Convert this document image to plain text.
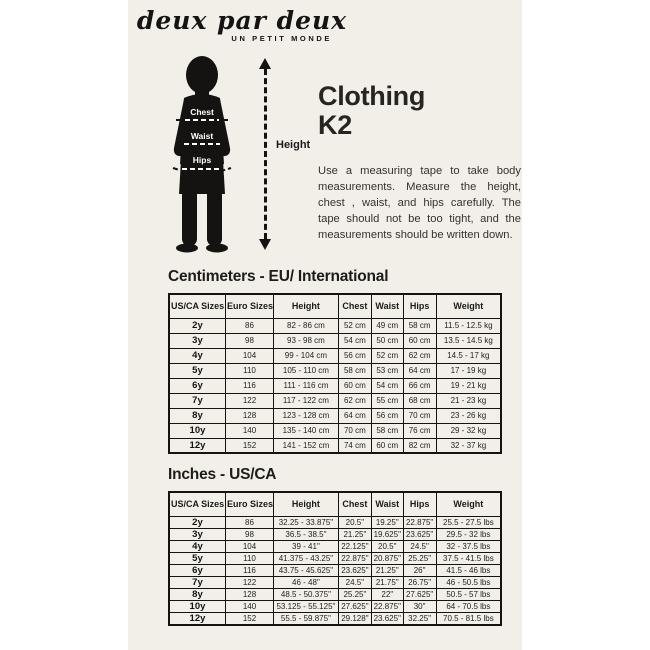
deux par deux
UN PETIT MONDE
Chest
Waist
Hips
Height
Clothing
K2
Use a measuring tape to take body measurements. Measure the height, chest , waist, and hips carefully. The tape should not be too tight, and the measurements should be written down.
Centimeters - EU/ International
US/CA Sizes	Euro Sizes	Height	Chest	Waist	Hips	Weight
2y	86	82 - 86 cm	52 cm	49 cm	58 cm	11.5 - 12.5 kg
3y	98	93 - 98 cm	54 cm	50 cm	60 cm	13.5 - 14.5 kg
4y	104	99 - 104 cm	56 cm	52 cm	62 cm	14.5 - 17 kg
5y	110	105 - 110 cm	58 cm	53 cm	64 cm	17 - 19 kg
6y	116	111 - 116 cm	60 cm	54 cm	66 cm	19 - 21 kg
7y	122	117 - 122 cm	62 cm	55 cm	68 cm	21 - 23 kg
8y	128	123 - 128 cm	64 cm	56 cm	70 cm	23 - 26 kg
10y	140	135 - 140 cm	70 cm	58 cm	76 cm	29 - 32 kg
12y	152	141 - 152 cm	74 cm	60 cm	82 cm	32 - 37 kg
Inches - US/CA
US/CA Sizes	Euro Sizes	Height	Chest	Waist	Hips	Weight
2y	86	32.25 - 33.875"	20.5"	19.25"	22.875"	25.5 - 27.5 lbs
3y	98	36.5 - 38.5"	21.25"	19.625"	23.625"	29.5 - 32 lbs
4y	104	39 - 41"	22.125"	20.5"	24.5"	32 - 37.5 lbs
5y	110	41.375 - 43.25"	22.875"	20.875"	25.25"	37.5 - 41.5 lbs
6y	116	43.75 - 45.625"	23.625"	21.25"	26"	41.5 - 46 lbs
7y	122	46 - 48"	24.5"	21.75"	26.75"	46 - 50.5 lbs
8y	128	48.5 - 50.375"	25.25"	22"	27.625"	50.5 - 57 lbs
10y	140	53.125 - 55.125"	27.625"	22.875"	30"	64 - 70.5 lbs
12y	152	55.5 - 59.875"	29.128"	23.625"	32.25"	70.5 - 81.5 lbs
